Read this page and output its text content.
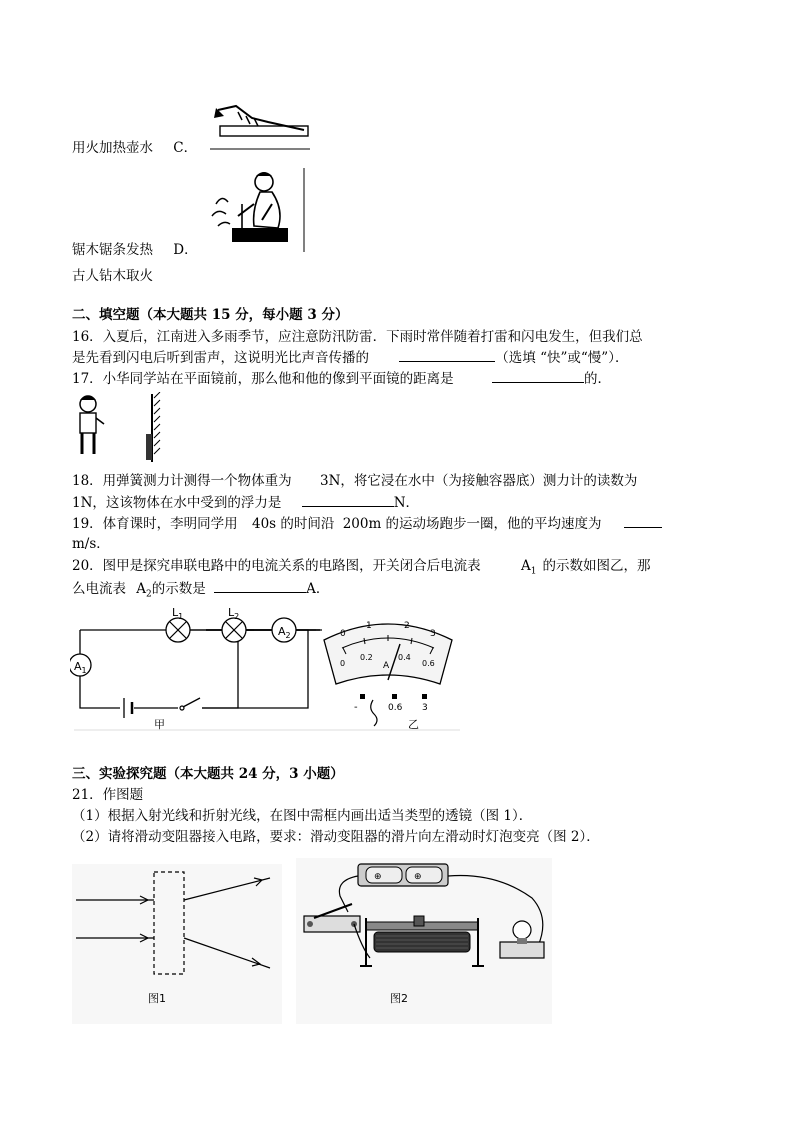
用火加热壶水 C．
锯木锯条发热 D．
古人钻木取火
二、填空题（本大题共 15 分，每小题 3 分）
16．入夏后，江南进入多雨季节，应注意防汛防雷．下雨时常伴随着打雷和闪电发生，但我们总
是先看到闪电后听到雷声，这说明光比声音传播的	（选填 “快”或“慢”）．
17．小华同学站在平面镜前，那么他和他的像到平面镜的距离是	的．
18．用弹簧测力计测得一个物体重为 3N，将它浸在水中（为接触容器底）测力计的读数为
1N，这该物体在水中受到的浮力是	N．
19．体育课时，李明同学用 40s 的时间沿 200m 的运动场跑步一圈，他的平均速度为
m/s．
20．图甲是探究串联电路中的电流关系的电路图，开关闭合后电流表	$A_1$ 的示数如图乙，那
么电流表 $A_2$的示数是	A．
$A_2$
$A_1$
$L_1$	$L_2$
甲
0
1	2
3
0
0.2	0.4
0.6
A
-	0.6 3
乙
三、实验探究题（本大题共 24 分，3 小题）
21．作图题
（1）根据入射光线和折射光线，在图中需框内画出适当类型的透镜（图 1）．
（2）请将滑动变阻器接入电路，要求：滑动变阻器的滑片向左滑动时灯泡变亮（图 2）．
图1
⊕	⊕
图2
